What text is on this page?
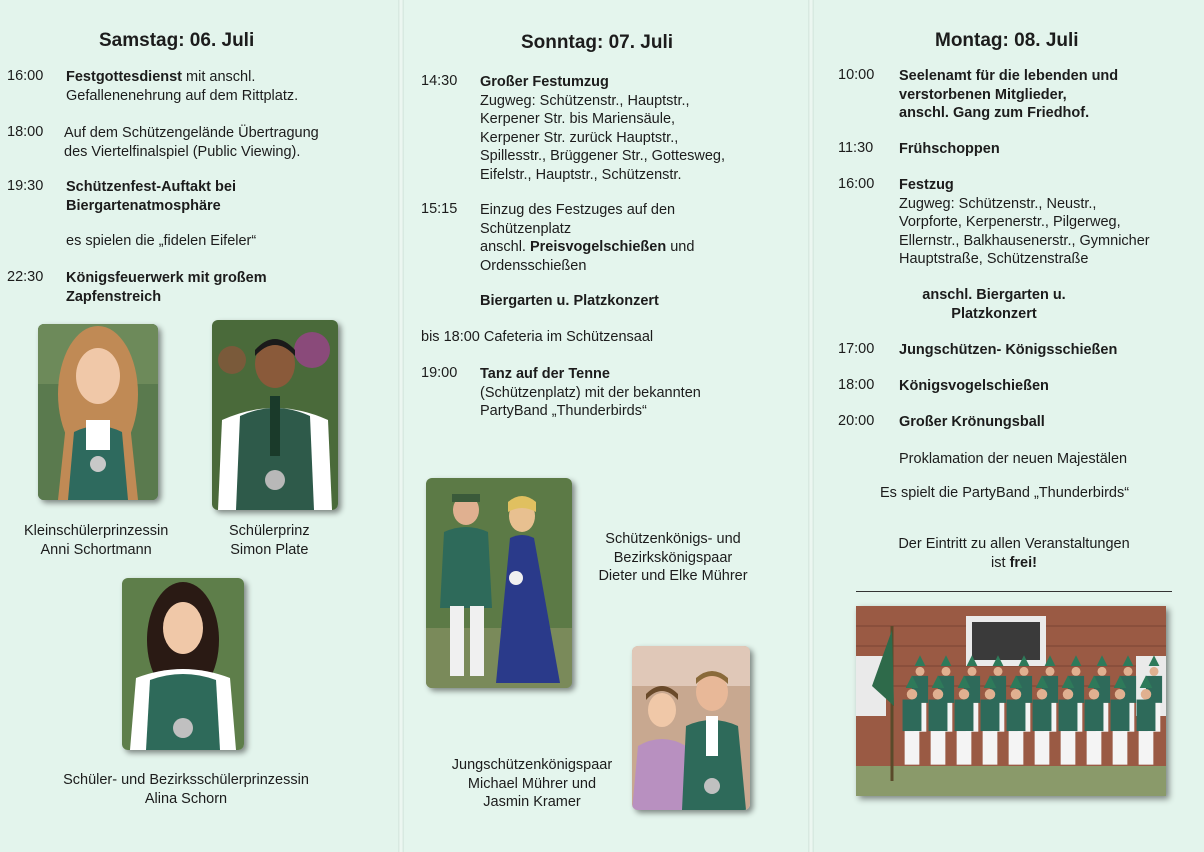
Samstag: 06. Juli
16:00 Festgottesdienst mit anschl.
Gefallenenehrung auf dem Rittplatz.
18:00 Auf dem Schützengelände Übertragung
des Viertelfinalspiel (Public Viewing).
19:30 Schützenfest-Auftakt bei
Biergartenatmosphäre
es spielen die „fidelen Eifeler“
22:30 Königsfeuerwerk mit großem
Zapfenstreich
Kleinschülerprinzessin
Anni Schortmann
Schülerprinz
Simon Plate
Schüler- und Bezirksschülerprinzessin
Alina Schorn
Sonntag: 07. Juli
14:30 Großer Festumzug
Zugweg: Schützenstr., Hauptstr.,
Kerpener Str. bis Mariensäule,
Kerpener Str. zurück Hauptstr.,
Spillesstr., Brüggener Str., Gottesweg,
Eifelstr., Hauptstr., Schützenstr.
15:15 Einzug des Festzuges auf den
Schützenplatz
anschl. Preisvogelschießen und
Ordensschießen
Biergarten u. Platzkonzert
bis 18:00 Cafeteria im Schützensaal
19:00 Tanz auf der Tenne
(Schützenplatz) mit der bekannten
PartyBand „Thunderbirds“
Schützenkönigs- und
Bezirkskönigspaar
Dieter und Elke Mührer
Jungschützenkönigspaar
Michael Mührer und
Jasmin Kramer
Montag: 08. Juli
10:00 Seelenamt für die lebenden und
verstorbenen Mitglieder,
anschl. Gang zum Friedhof.
11:30 Frühschoppen
16:00 Festzug
Zugweg: Schützenstr., Neustr.,
Vorpforte, Kerpenerstr., Pilgerweg,
Ellernstr., Balkhausenerstr., Gymnicher
Hauptstraße, Schützenstraße
anschl. Biergarten u.
Platzkonzert
17:00 Jungschützen- Königsschießen
18:00 Königsvogelschießen
20:00 Großer Krönungsball
Proklamation der neuen Majestälen
Es spielt die PartyBand „Thunderbirds“
Der Eintritt zu allen Veranstaltungen
ist frei!
